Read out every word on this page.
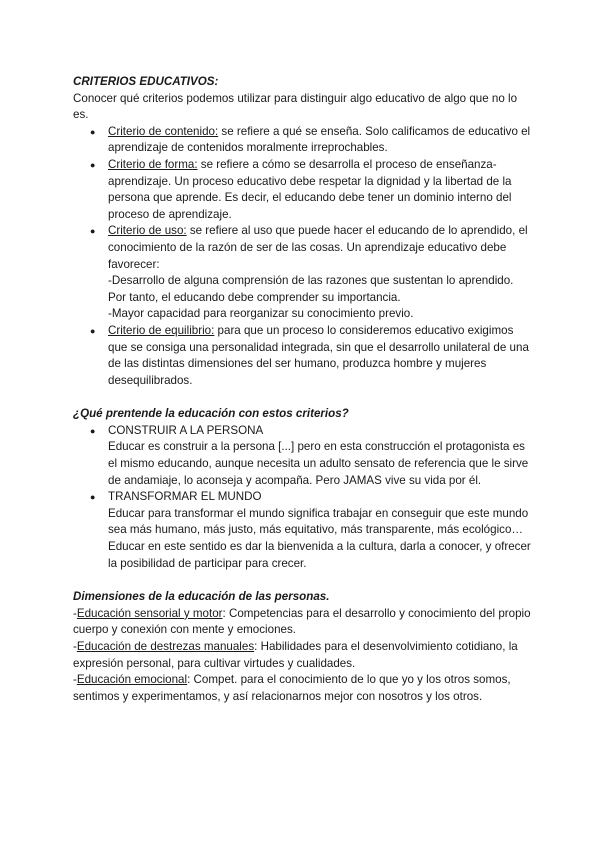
CRITERIOS EDUCATIVOS:

Conocer qué criterios podemos utilizar para distinguir algo educativo de algo que no lo es.

● Criterio de contenido: se refiere a qué se enseña. Solo calificamos de educativo el aprendizaje de contenidos moralmente irreprochables.
● Criterio de forma: se refiere a cómo se desarrolla el proceso de enseñanza-aprendizaje. Un proceso educativo debe respetar la dignidad y la libertad de la persona que aprende. Es decir, el educando debe tener un dominio interno del proceso de aprendizaje.
● Criterio de uso: se refiere al uso que puede hacer el educando de lo aprendido, el conocimiento de la razón de ser de las cosas. Un aprendizaje educativo debe favorecer:

-Desarrollo de alguna comprensión de las razones que sustentan lo aprendido. Por tanto, el educando debe comprender su importancia.

-Mayor capacidad para reorganizar su conocimiento previo.

● Criterio de equilibrio: para que un proceso lo consideremos educativo exigimos que se consiga una personalidad integrada, sin que el desarrollo unilateral de una de las distintas dimensiones del ser humano, produzca hombre y mujeres desequilibrados.

¿Qué prentende la educación con estos criterios?

● CONSTRUIR A LA PERSONA

Educar es construir a la persona [...] pero en esta construcción el protagonista es el mismo educando, aunque necesita un adulto sensato de referencia que le sirve de andamiaje, lo aconseja y acompaña. Pero JAMAS vive su vida por él.

● TRANSFORMAR EL MUNDO

Educar para transformar el mundo significa trabajar en conseguir que este mundo sea más humano, más justo, más equitativo, más transparente, más ecológico…

Educar en este sentido es dar la bienvenida a la cultura, darla a conocer, y ofrecer la posibilidad de participar para crecer.

Dimensiones de la educación de las personas.

-Educación sensorial y motor: Competencias para el desarrollo y conocimiento del propio cuerpo y conexión con mente y emociones.

-Educación de destrezas manuales: Habilidades para el desenvolvimiento cotidiano, la expresión personal, para cultivar virtudes y cualidades.

-Educación emocional: Compet. para el conocimiento de lo que yo y los otros somos, sentimos y experimentamos, y así relacionarnos mejor con nosotros y los otros.
